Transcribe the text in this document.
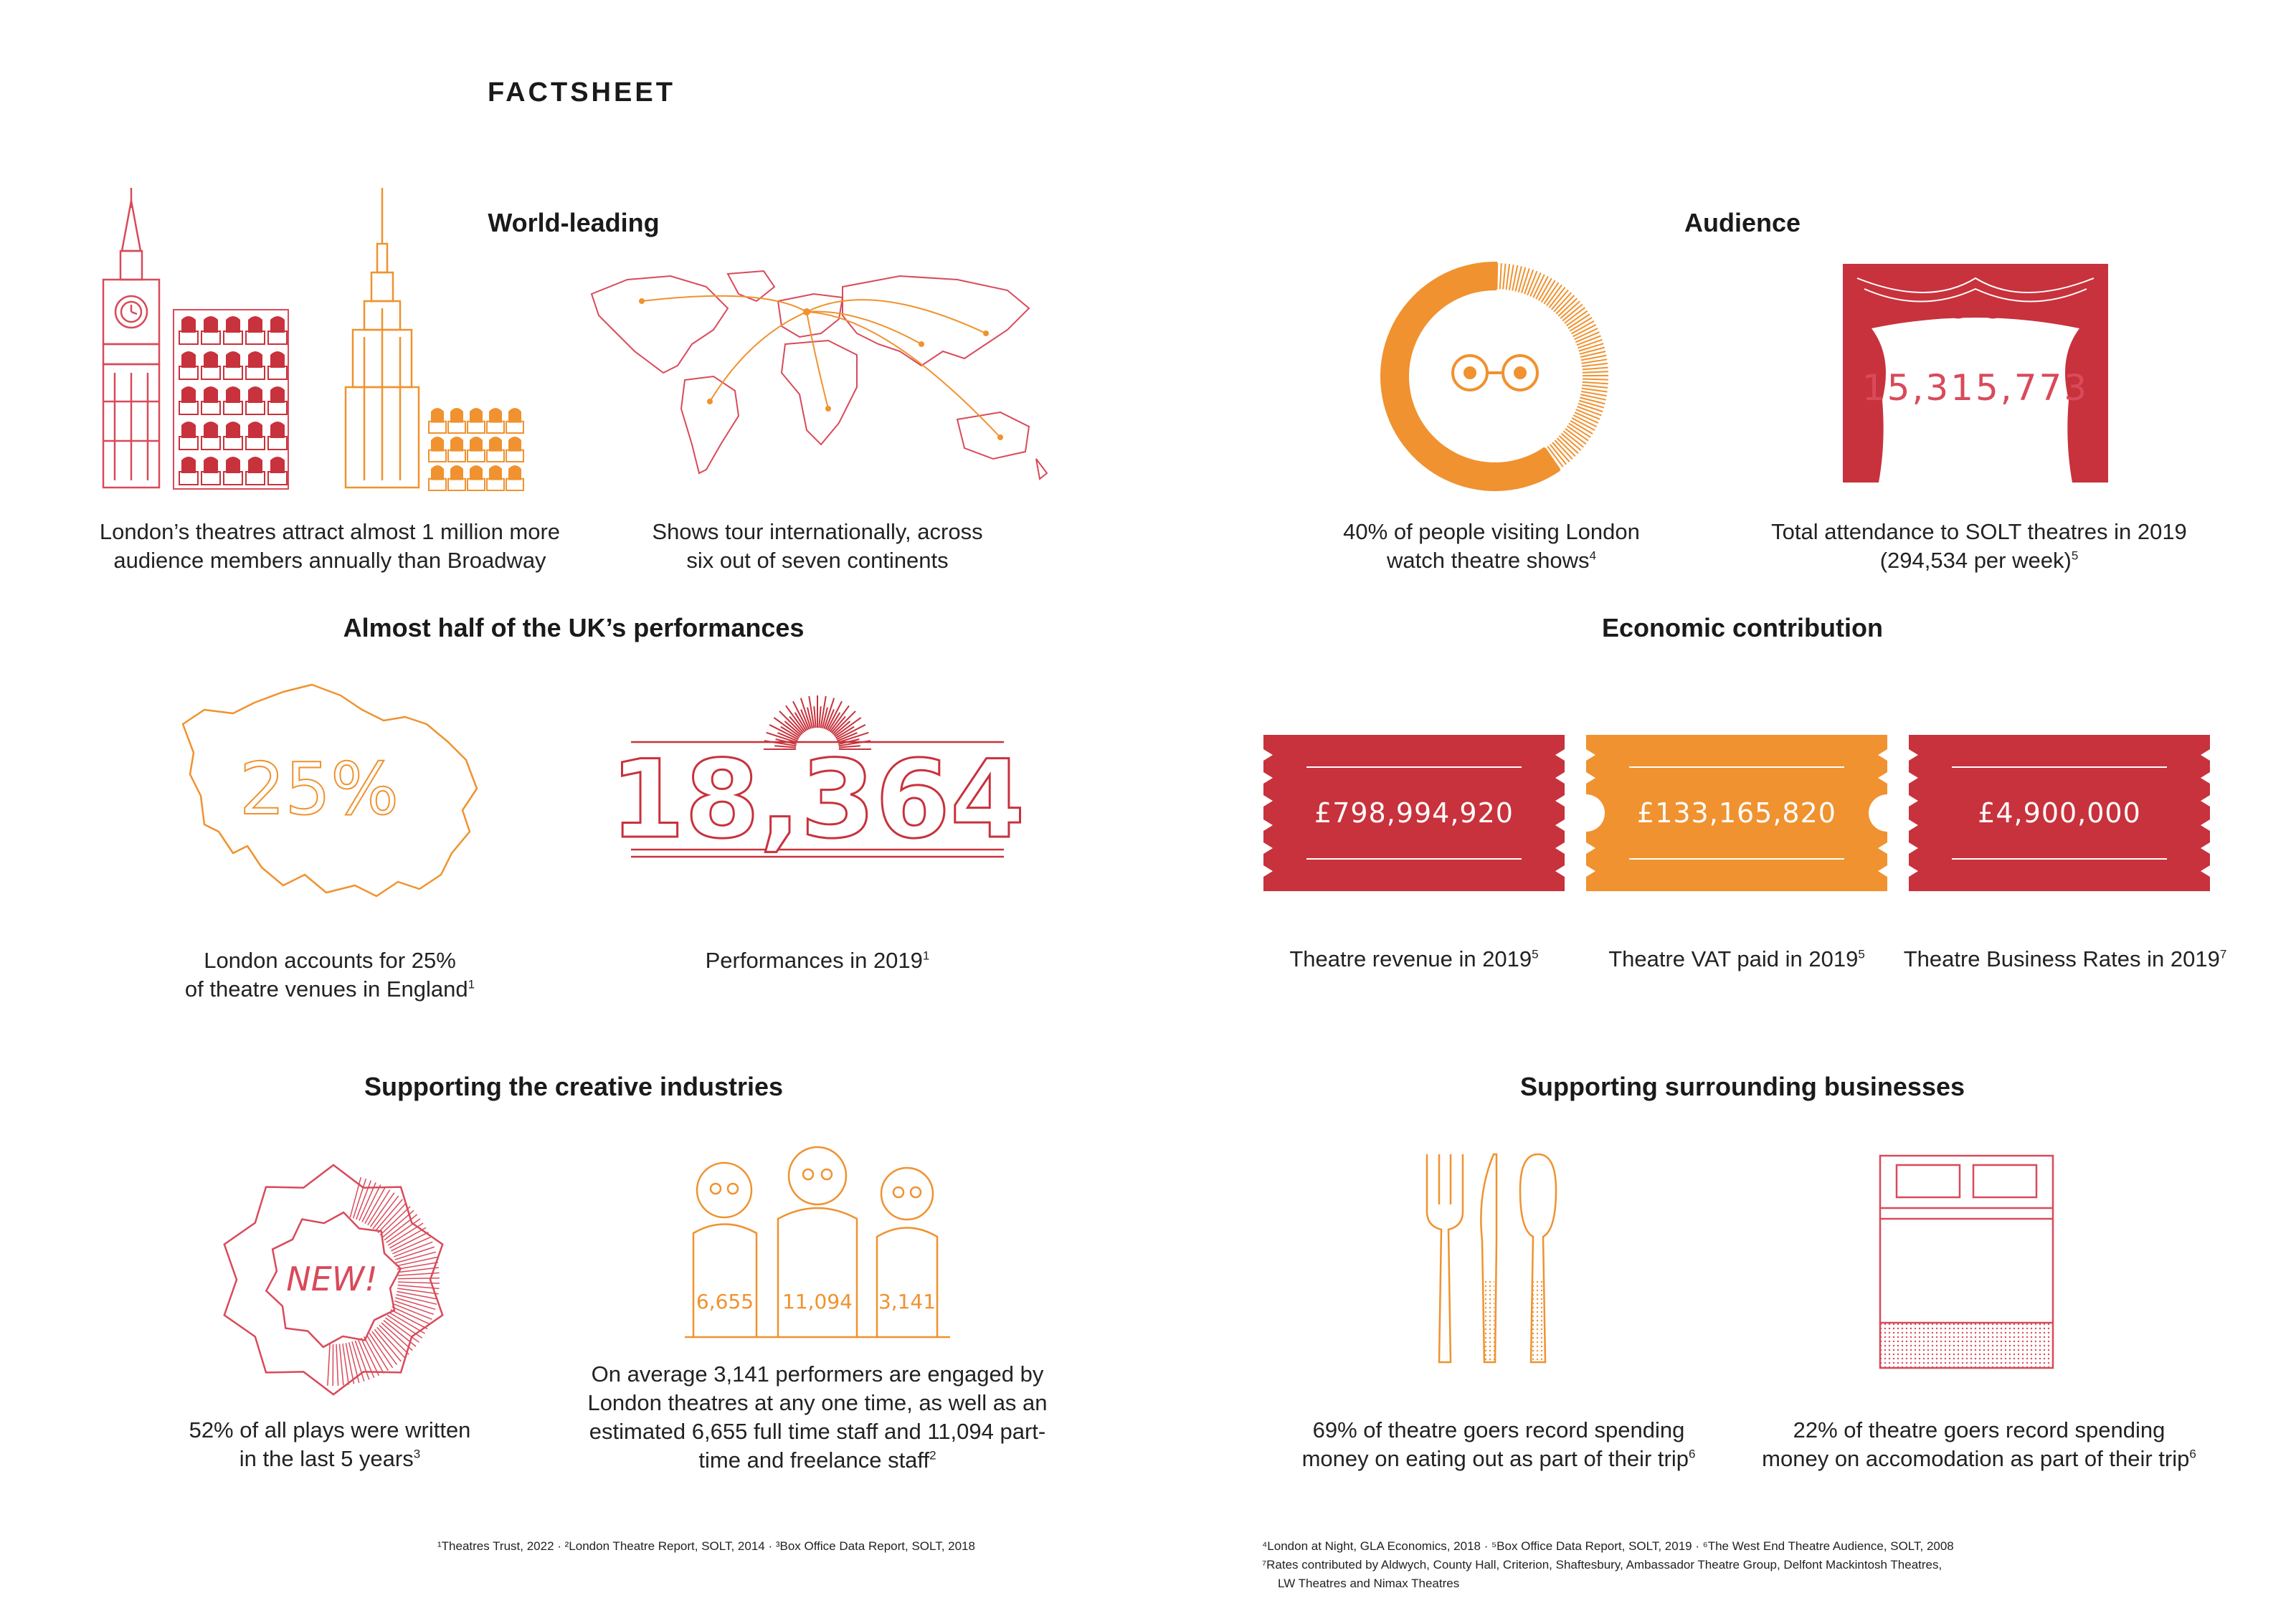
FACTSHEET
World-leading
London’s theatres attract almost 1 million more
audience members annually than Broadway
Shows tour internationally, across
six out of seven continents
Audience
15,315,773
40% of people visiting London
watch theatre shows$^4$
Total attendance to SOLT theatres in 2019
(294,534 per week)$^5$
Almost half of the UK’s performances
25% 18,364
London accounts for 25%
of theatre venues in England$^1$
Performances in 2019$^1$
Economic contribution
£798,994,920	£133,165,820	£4,900,000
Theatre revenue in 2019$^5$	Theatre VAT paid in 2019$^5$	Theatre Business Rates in 2019$^7$
Supporting the creative industries
NEW!
6,655 11,094 3,141
52% of all plays were written
in the last 5 years$^3$
On average 3,141 performers are engaged by
London theatres at any one time, as well as an
estimated 6,655 full time staff and 11,094 part-
time and freelance staff$^2$
Supporting surrounding businesses
69% of theatre goers record spending
money on eating out as part of their trip$^6$
22% of theatre goers record spending
money on accomodation as part of their trip$^6$
¹Theatres Trust, 2022 · ²London Theatre Report, SOLT, 2014 · ³Box Office Data Report, SOLT, 2018	⁴London at Night, GLA Economics, 2018 · ⁵Box Office Data Report, SOLT, 2019 · ⁶The West End Theatre Audience, SOLT, 2008
⁷Rates contributed by Aldwych, County Hall, Criterion, Shaftesbury, Ambassador Theatre Group, Delfont Mackintosh Theatres,
LW Theatres and Nimax Theatres
